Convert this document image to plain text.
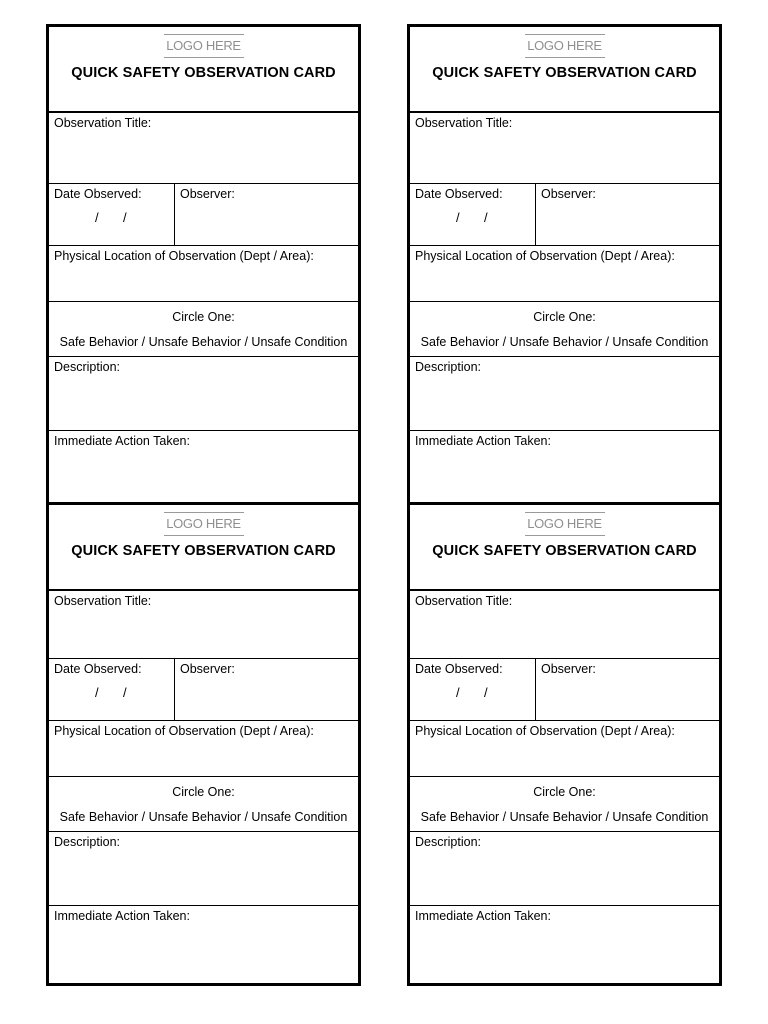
LOGO HERE
QUICK SAFETY OBSERVATION CARD
Observation Title:
Date Observed:
/ /
Observer:
Physical Location of Observation (Dept / Area):
Circle One:
Safe Behavior / Unsafe Behavior / Unsafe Condition
Description:
Immediate Action Taken:
LOGO HERE
QUICK SAFETY OBSERVATION CARD
Observation Title:
Date Observed:
/ /
Observer:
Physical Location of Observation (Dept / Area):
Circle One:
Safe Behavior / Unsafe Behavior / Unsafe Condition
Description:
Immediate Action Taken:
LOGO HERE
QUICK SAFETY OBSERVATION CARD
Observation Title:
Date Observed:
/ /
Observer:
Physical Location of Observation (Dept / Area):
Circle One:
Safe Behavior / Unsafe Behavior / Unsafe Condition
Description:
Immediate Action Taken:
LOGO HERE
QUICK SAFETY OBSERVATION CARD
Observation Title:
Date Observed:
/ /
Observer:
Physical Location of Observation (Dept / Area):
Circle One:
Safe Behavior / Unsafe Behavior / Unsafe Condition
Description:
Immediate Action Taken:
